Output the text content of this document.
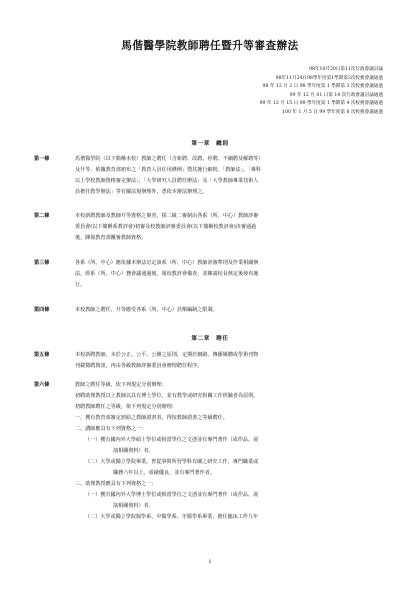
馬偕醫學院教師聘任暨升等審查辦法
98年10月20日第11次行政會議討論
98年11月24日98學年度第1學期第3次校務會議通過
98 年 12 月 2 日 98 學年度第 1 學期第 3 次校務會議通過
99 年 12 月 01 日第 14 次行政會議討論通過
99 年 12 月 15 日 99 學年度第 1 學期第 4 次校務會議通過
100 年 1 月 5 日 99 學年度第 8 次校務會議通過
第一章　總則
第一條	馬偕醫學院（以下簡稱本校）教師之聘任（含新聘、改聘、停聘、不續聘及解聘等）
及升等，依據教育部頒布之「教育人員任用條例」暨其施行細則、「教師法」、「專科
以上學校教師資格審定辦法」、「大學研究人員聘任辦法」及「大學教師專業技術人
員擔任教學辦法」等有關法規辦理外，悉依本辦法辦理之。
第二條	本校新聘教師及教師升等資格之審查，採二級二審制由各系（所、中心）教師評審
委員會(以下簡稱系教評會)初審及校教師評審委員會(以下簡稱校教評會)決審通過
後，陳報教育部覆審教師資格。
第三條	各系（所、中心）應依據本辦法訂定該系（所、中心）教師評審準則及作業相關辦
法，經系（所、中心）務會議通過後，報校教評會備查，並陳請校長核定後發布施
行。
第四條	本校教師之聘任，升等應受各系（所、中心）員額編制之限制。
第二章　聘任
第五條	本校新聘教師，本於公正、公平、公開之原則，定期於網路、傳播媒體或學術刊物
刊載徵聘資訊，再由各級教師評審委員會辦理聘任程序。
第六條	教師之聘任等級，依下列規定分別辦理：
初聘助理教授以上教師以具有博士學位，並有教學或研究相關工作經驗者為原則。
初聘教師聘任之等級，依下列規定分別辦理：
一、獲有教育部審定頒給之教師證書者，得按教師證書之等級聘任。
二、講師應具有下列資格之一：
（一）獲有國內外大學碩士學位或相當學位之文憑並有專門著作（或作品、展
演相關資料）者。
（二）大學或獨立學院畢業，曾從事與所習學科有關之研究工作、專門職業或
職務六年以上，成績優良，並有專門著作者。
三、助理教授應具有下列資格之一：
（一）獲有國內外大學博士學位或相當學位之文憑並有專門著作（或作品、展
演相關資料）者。
（二）大學或獨立學院醫學系、中醫學系、牙醫學系畢業，擔任臨床工作九年
1
